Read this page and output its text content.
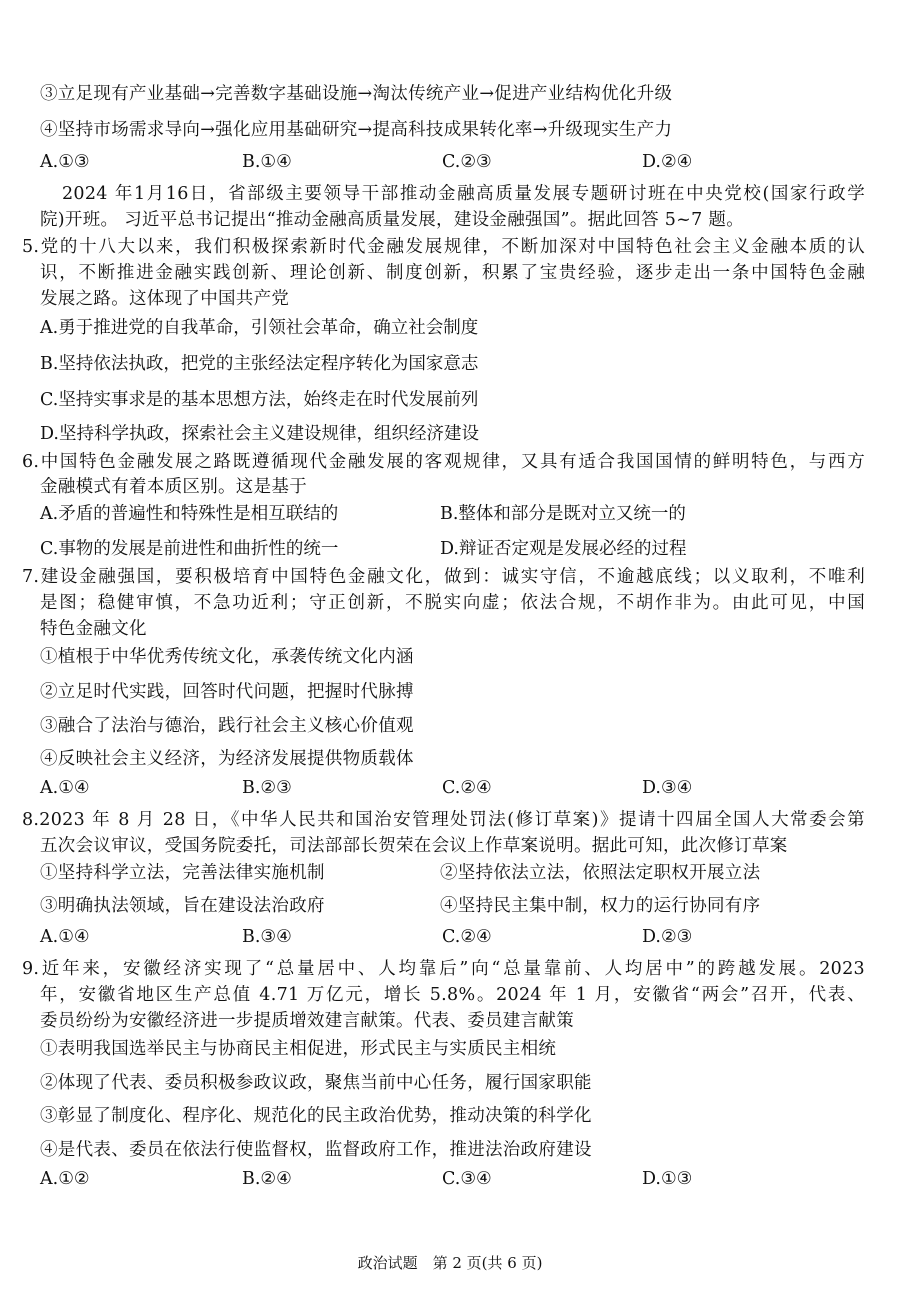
③立足现有产业基础→完善数字基础设施→淘汰传统产业→促进产业结构优化升级
④坚持市场需求导向→强化应用基础研究→提高科技成果转化率→升级现实生产力
A.①③	B.①④	C.②③	D.②④
2024 年1月16日，省部级主要领导干部推动金融高质量发展专题研讨班在中央党校(国家行政学
院)开班。 习近平总书记提出“推动金融高质量发展，建设金融强国”。据此回答 5~7 题。
5.党的十八大以来，我们积极探索新时代金融发展规律，不断加深对中国特色社会主义金融本质的认
识，不断推进金融实践创新、理论创新、制度创新，积累了宝贵经验，逐步走出一条中国特色金融
发展之路。这体现了中国共产党
A.勇于推进党的自我革命，引领社会革命，确立社会制度
B.坚持依法执政，把党的主张经法定程序转化为国家意志
C.坚持实事求是的基本思想方法，始终走在时代发展前列
D.坚持科学执政，探索社会主义建设规律，组织经济建设
6.中国特色金融发展之路既遵循现代金融发展的客观规律，又具有适合我国国情的鲜明特色，与西方
金融模式有着本质区别。这是基于
A.矛盾的普遍性和特殊性是相互联结的	B.整体和部分是既对立又统一的
C.事物的发展是前进性和曲折性的统一	D.辩证否定观是发展必经的过程
7.建设金融强国，要积极培育中国特色金融文化，做到：诚实守信，不逾越底线；以义取利，不唯利
是图；稳健审慎，不急功近利；守正创新，不脱实向虚；依法合规，不胡作非为。由此可见，中国
特色金融文化
①植根于中华优秀传统文化，承袭传统文化内涵
②立足时代实践，回答时代问题，把握时代脉搏
③融合了法治与德治，践行社会主义核心价值观
④反映社会主义经济，为经济发展提供物质载体
A.①④	B.②③	C.②④	D.③④
8.2023 年 8 月 28 日，《中华人民共和国治安管理处罚法(修订草案)》提请十四届全国人大常委会第
五次会议审议，受国务院委托，司法部部长贺荣在会议上作草案说明。据此可知，此次修订草案
①坚持科学立法，完善法律实施机制	②坚持依法立法，依照法定职权开展立法
③明确执法领域，旨在建设法治政府	④坚持民主集中制，权力的运行协同有序
A.①④	B.③④	C.②④	D.②③
9.近年来，安徽经济实现了“总量居中、人均靠后”向“总量靠前、人均居中”的跨越发展。2023
年，安徽省地区生产总值 4.71 万亿元，增长 5.8%。2024 年 1 月，安徽省“两会”召开，代表、
委员纷纷为安徽经济进一步提质增效建言献策。代表、委员建言献策
①表明我国选举民主与协商民主相促进，形式民主与实质民主相统
②体现了代表、委员积极参政议政，聚焦当前中心任务，履行国家职能
③彰显了制度化、程序化、规范化的民主政治优势，推动决策的科学化
④是代表、委员在依法行使监督权，监督政府工作，推进法治政府建设
A.①②	B.②④	C.③④	D.①③
政治试题　第 2 页(共 6 页)
